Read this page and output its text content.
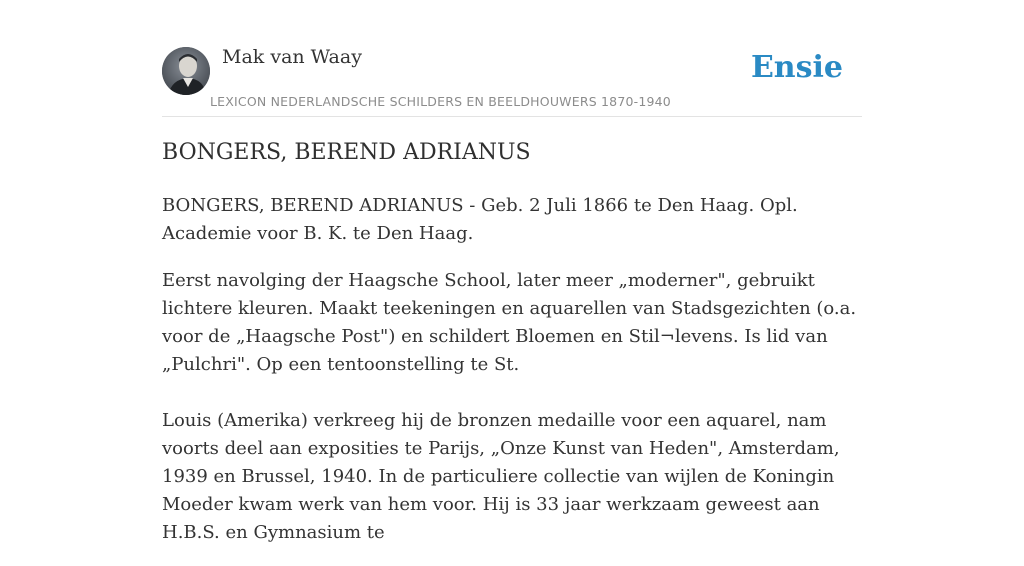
Mak van Waay
LEXICON NEDERLANDSCHE SCHILDERS EN BEELDHOUWERS 1870-1940
Ensie
BONGERS, BEREND ADRIANUS

BONGERS, BEREND ADRIANUS - Geb. 2 Juli 1866 te Den Haag. Opl. Academie voor B. K. te Den Haag.

Eerst navolging der Haagsche School, later meer „moderner", gebruikt lichtere kleuren. Maakt teekeningen en aquarellen van Stadsgezichten (o.a. voor de „Haagsche Post") en schildert Bloemen en Stil¬levens. Is lid van „Pulchri". Op een tentoonstelling te St.

Louis (Amerika) verkreeg hij de bronzen medaille voor een aquarel, nam voorts deel aan exposities te Parijs, „Onze Kunst van Heden", Amsterdam, 1939 en Brussel, 1940. In de particuliere collectie van wijlen de Koningin Moeder kwam werk van hem voor. Hij is 33 jaar werkzaam geweest aan H.B.S. en Gymnasium te
